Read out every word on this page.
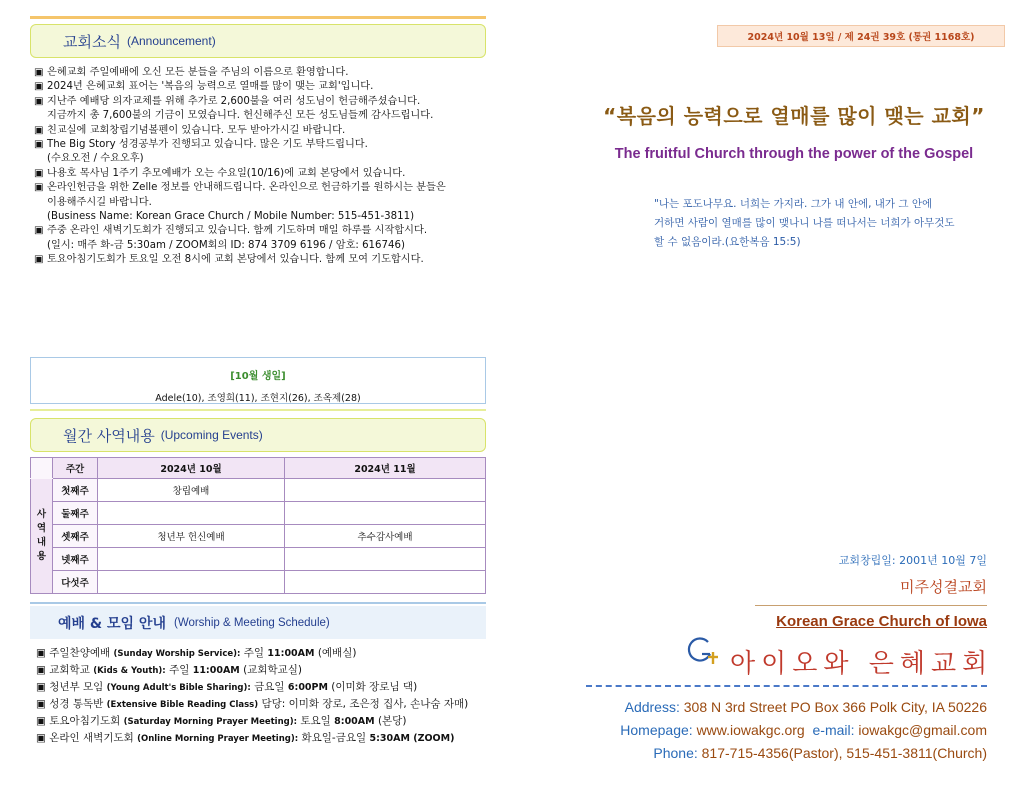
교회소식 (Announcement)
▣ 은혜교회 주일예배에 오신 모든 분들을 주님의 이름으로 환영합니다.
▣ 2024년 은혜교회 표어는 '복음의 능력으로 열매를 많이 맺는 교회'입니다.
▣ 지난주 예배당 의자교체를 위해 추가로 2,600불을 여러 성도님이 헌금해주셨습니다.
지금까지 총 7,600불의 기금이 모였습니다. 헌신해주신 모든 성도님들께 감사드립니다.
▣ 친교실에 교회창립기념볼펜이 있습니다. 모두 받아가시길 바랍니다.
▣ The Big Story 성경공부가 진행되고 있습니다. 많은 기도 부탁드립니다.
(수요오전 / 수요오후)
▣ 나용호 목사님 1주기 추모예배가 오는 수요일(10/16)에 교회 본당에서 있습니다.
▣ 온라인헌금을 위한 Zelle 정보를 안내해드립니다. 온라인으로 헌금하기를 원하시는 분들은
이용해주시길 바랍니다.
(Business Name: Korean Grace Church / Mobile Number: 515-451-3811)
▣ 주중 온라인 새벽기도회가 진행되고 있습니다. 함께 기도하며 매일 하루를 시작합시다.
(일시: 매주 화-금 5:30am / ZOOM회의 ID: 874 3709 6196 / 암호: 616746)
▣ 토요아침기도회가 토요일 오전 8시에 교회 본당에서 있습니다. 함께 모여 기도합시다.
[10월 생일]
Adele(10), 조영희(11), 조현지(26), 조옥제(28)
월간 사역내용 (Upcoming Events)
	주간	2024년 10월	2024년 11월

사
역
내
용	첫째주	창립예배	
	둘째주		
	셋째주	청년부 헌신예배	추수감사예배
	넷째주		
	다섯주		
예배 & 모임 안내 (Worship & Meeting Schedule)
▣ 주일찬양예배 (Sunday Worship Service): 주일 11:00AM (예배실)
▣ 교회학교 (Kids & Youth): 주일 11:00AM (교회학교실)
▣ 청년부 모임 (Young Adult's Bible Sharing): 금요일 6:00PM (이미화 장로님 댁)
▣ 성경 통독반 (Extensive Bible Reading Class) 담당: 이미화 장로, 조은정 집사, 손나숨 자매)
▣ 토요아침기도회 (Saturday Morning Prayer Meeting): 토요일 8:00AM (본당)
▣ 온라인 새벽기도회 (Online Morning Prayer Meeting): 화요일-금요일 5:30AM (ZOOM)
2024년 10월 13일 / 제 24권 39호 (통권 1168호)
“복음의 능력으로 열매를 많이 맺는 교회”
The fruitful Church through the power of the Gospel
"나는 포도나무요. 너희는 가지라. 그가 내 안에, 내가 그 안에
거하면 사람이 열매를 많이 맺나니 나를 떠나서는 너희가 아무것도
할 수 없음이라.(요한복음 15:5)
교회창립일: 2001년 10월 7일
미주성결교회
Korean Grace Church of Iowa
아이오와 은혜교회
Address: 308 N 3rd Street PO Box 366 Polk City, IA 50226
Homepage: www.iowakgc.org e-mail: iowakgc@gmail.com
Phone: 817-715-4356(Pastor), 515-451-3811(Church)
